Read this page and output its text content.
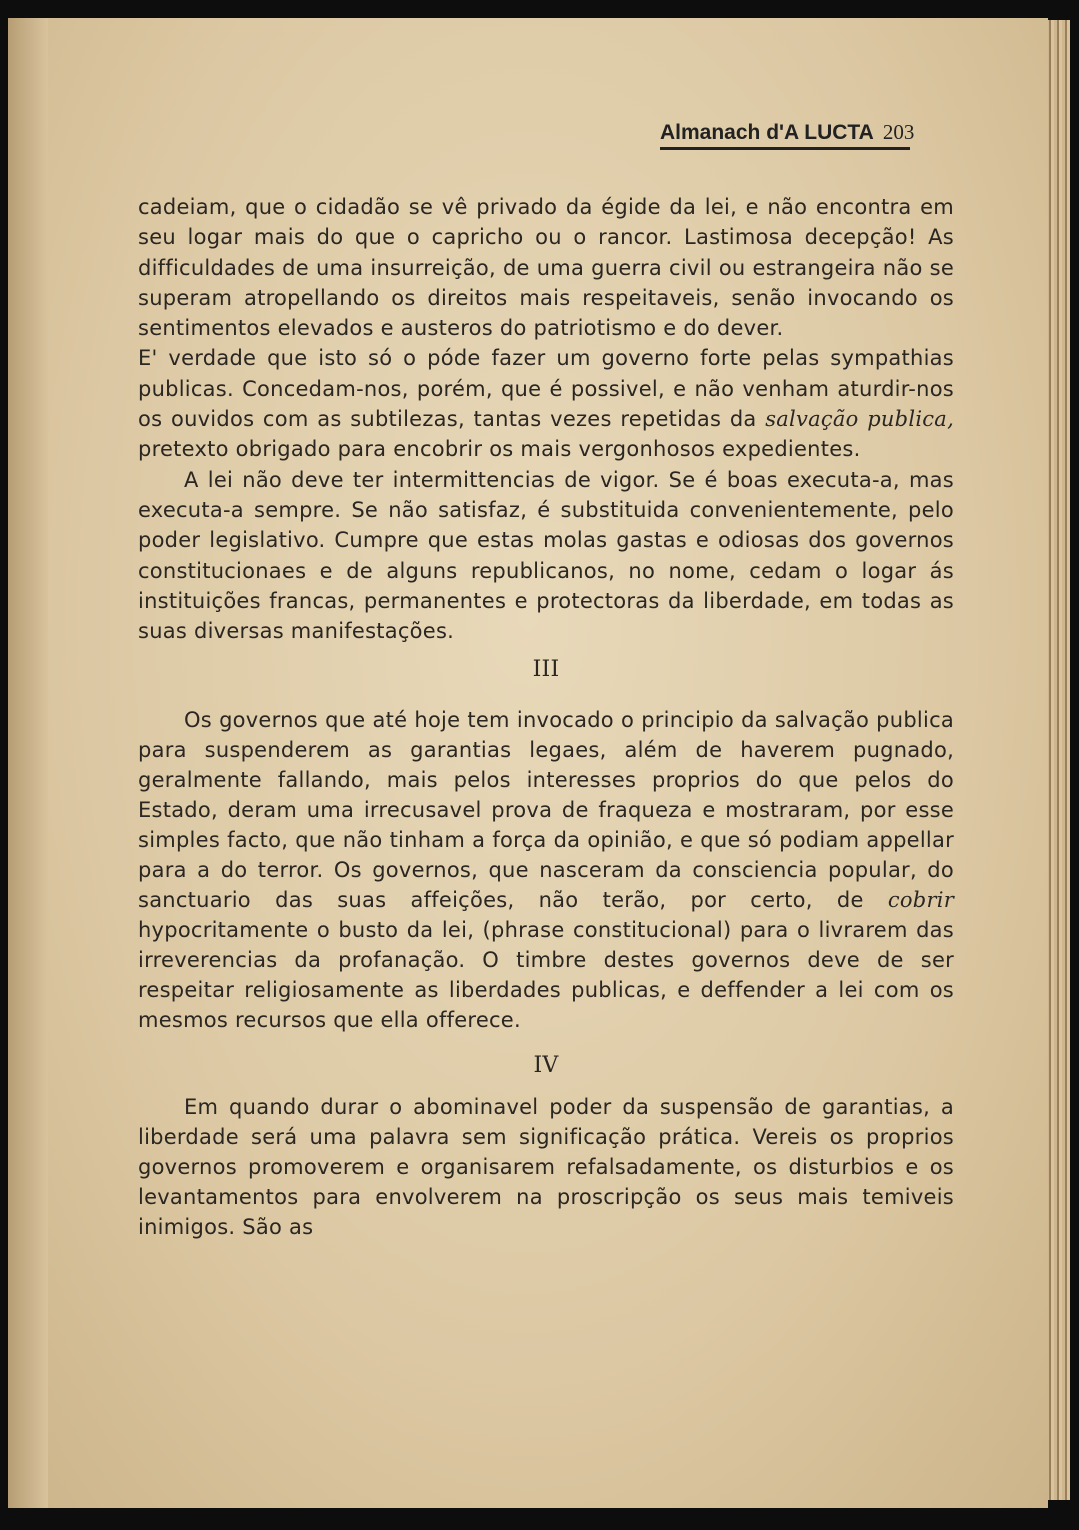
Almanach d'A LUCTA 203

cadeiam, que o cidadão se vê privado da égide da lei, e não encontra em seu logar mais do que o capricho ou o rancor. Lastimosa decepção! As difficuldades de uma insurreição, de uma guerra civil ou estrangeira não se superam atropellando os direitos mais respeitaveis, senão invocando os sentimentos elevados e austeros do patriotismo e do dever.

E' verdade que isto só o póde fazer um governo forte pelas sympathias publicas. Concedam-nos, porém, que é possivel, e não venham aturdir-nos os ouvidos com as subtilezas, tantas vezes repetidas da salvação publica, pretexto obrigado para encobrir os mais vergonhosos expedientes.

A lei não deve ter intermittencias de vigor. Se é boas executa-a, mas executa-a sempre. Se não satisfaz, é substituida convenientemente, pelo poder legislativo. Cumpre que estas molas gastas e odiosas dos governos constitucionaes e de alguns republicanos, no nome, cedam o logar ás instituições francas, permanentes e protectoras da liberdade, em todas as suas diversas manifestações.

III

Os governos que até hoje tem invocado o principio da salvação publica para suspenderem as garantias legaes, além de haverem pugnado, geralmente fallando, mais pelos interesses proprios do que pelos do Estado, deram uma irrecusavel prova de fraqueza e mostraram, por esse simples facto, que não tinham a força da opinião, e que só podiam appellar para a do terror. Os governos, que nasceram da consciencia popular, do sanctuario das suas affeições, não terão, por certo, de cobrir hypocritamente o busto da lei, (phrase constitucional) para o livrarem das irreverencias da profanação. O timbre destes governos deve de ser respeitar religiosamente as liberdades publicas, e deffender a lei com os mesmos recursos que ella offerece.

IV

Em quando durar o abominavel poder da suspensão de garantias, a liberdade será uma palavra sem significação prática. Vereis os proprios governos promoverem e organisarem refalsadamente, os disturbios e os levantamentos para envolverem na proscripção os seus mais temiveis inimigos. São as
